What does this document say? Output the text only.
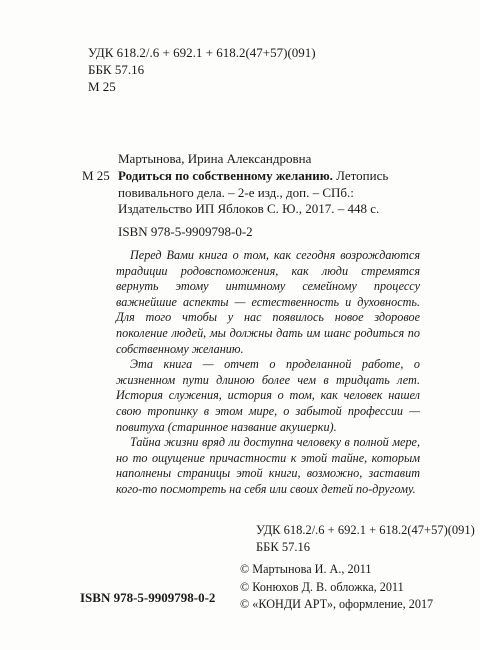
УДК 618.2/.6 + 692.1 + 618.2(47+57)(091)
ББК 57.16
М 25
Мартынова, Ирина Александровна
М 25 Родиться по собственному желанию. Летопись повивального дела. – 2-е изд., доп. – СПб.: Издательство ИП Яблоков С. Ю., 2017. – 448 с.
ISBN 978-5-9909798-0-2

Перед Вами книга о том, как сегодня возрождаются традиции родовспоможения, как люди стремятся вернуть этому интимному семейному процессу важнейшие аспекты — естественность и духовность. Для того чтобы у нас появилось новое здоровое поколение людей, мы должны дать им шанс родиться по собственному желанию.

Эта книга — отчет о проделанной работе, о жизненном пути длиною более чем в тридцать лет. История служения, история о том, как человек нашел свою тропинку в этом мире, о забытой профессии — повитуха (старинное название акушерки).

Тайна жизни вряд ли доступна человеку в полной мере, но то ощущение причастности к этой тайне, которым наполнены страницы этой книги, возможно, заставит кого-то посмотреть на себя или своих детей по-другому.

УДК 618.2/.6 + 692.1 + 618.2(47+57)(091)
ББК 57.16
ISBN 978-5-9909798-0-2
© Мартынова И. А., 2011
© Конюхов Д. В. обложка, 2011
© «КОНДИ АРТ», оформление, 2017
